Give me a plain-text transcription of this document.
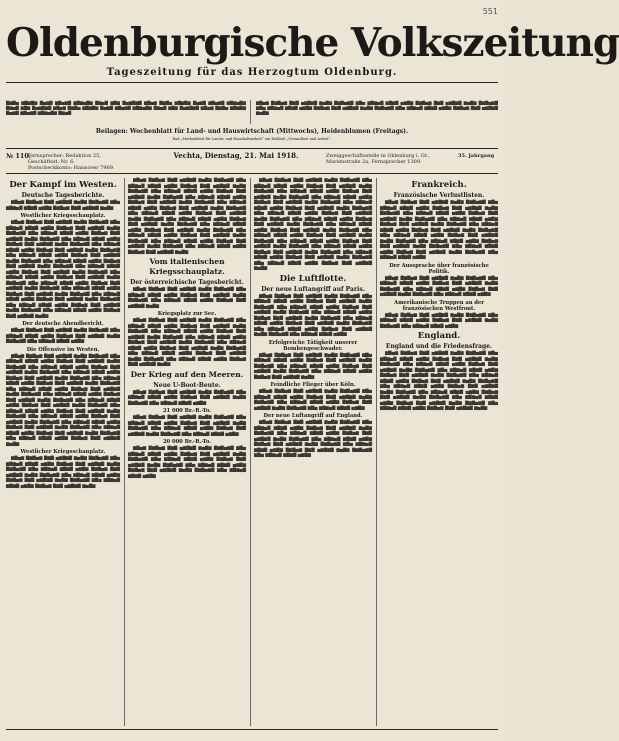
551
Oldenburgische Volkszeitung
Tageszeitung für das Herzogtum Oldenburg.
▇▆▇▅ ▆▇▆▇▆ ▇▅▆▇ ▆▇▅▆▇ ▆▇▆▅▇▆ ▇▆▅▇ ▆▇▆ ▇▅▆▇▆▇ ▆▇▅▆ ▇▆▇▅ ▆▇▆▇▆ ▇▅▆▇ ▆▇▅▆▇ ▆▇▆▅▇▆ ▇▆▅▇ ▆▇▆ ▇▅▆▇▆▇ ▆▇▅▆ ▇▆▇▅ ▆▇▆▇▆ ▇▅▆▇ ▆▇▅▆▇ ▆▇▆▅▇▆ ▇▆▅▇ ▆▇▆ ▇▅▆▇▆▇ ▆▇▅▆ ▇▆▇▅ ▆▇▆▇▆ ▇▅▆▇ ▆▇▅▆▇ ▆▇▆▅▇▆ ▇▆▅▇
▆▇▅▆ ▇▆▇▅▆ ▇▆▇ ▅▆▇▆▇ ▆▅▇▆ ▇▆▇▅▆▇ ▆▇▅ ▆▇▆▅▇ ▆▇▆▇ ▅▆▇▆ ▇▆▇▅▆ ▇▆▇ ▅▆▇▆▇ ▆▅▇▆ ▇▆▇▅▆▇ ▆▇▅ ▆▇▆▅▇ ▆▇▆▇ ▅▆▇▆ ▇▆▇▅▆ ▇▆▇ ▅▆▇▆▇ ▆▅▇▆ ▇▆▇▅▆▇ ▆▇▅ ▆▇▆▅▇ ▆▇▆▇ ▅▆▇▆ ▇▆▇▅▆ ▇▆▇ ▅▆▇▆▇ ▆▅▇▆
Beilagen: Wochenblatt für Land- und Hauswirtschaft (Mittwochs), Heidenblumen (Freitags).
Bad „Merkenblatt für Landw. und Haushaltsarbeit“ ein Beiblatt „Gesundheit und Arbeit“.
№ 110.
Fernsprecher: Redaktion 25, Geschäftsst. Nr. 6.
Postscheckkonto: Hannover 7969.
Vechta, Dienstag, 21. Mai 1918.	Zweiggeschäftsstelle in Oldenburg i. Gr., Marienstraße 2a, Fernsprecher 1309.
35. Jahrgang
Der Kampf im Westen.
Deutsche Tagesberichte.

▆▇▅▆ ▇▆▇▅▆ ▇▆▇ ▅▆▇▆▇ ▆▅▇▆ ▇▆▇▅▆▇ ▆▇▅ ▆▇▆▅▇ ▆▇▆▇ ▅▆▇▆ ▇▆▇▅▆ ▇▆▇ ▅▆▇▆▇ ▆▅▇▆

Westlicher Kriegsschauplatz.

▆▇▅▆ ▇▆▇▅▆ ▇▆▇ ▅▆▇▆▇ ▆▅▇▆ ▇▆▇▅▆▇ ▆▇▅ ▆▇▆▅▇ ▆▇▆▇ ▅▆▇▆ ▇▆▇▅▆ ▇▆▇ ▅▆▇▆▇ ▆▅▇▆ ▇▆▇▅▆▇ ▆▇▅ ▆▇▆▅▇ ▆▇▆▇ ▅▆▇▆ ▇▆▇▅▆ ▇▆▇ ▅▆▇▆▇ ▆▅▇▆ ▇▆▇▅▆▇ ▆▇▅ ▆▇▆▅▇ ▆▇▆▇ ▅▆▇▆ ▇▆▇▅▆ ▇▆▇ ▅▆▇▆▇ ▆▅▇▆ ▇▆▇▅▆▇ ▆▇▅ ▆▇▆▅▇ ▆▇▆▇ ▅▆▇▆ ▇▆▇▅▆ ▇▆▇ ▅▆▇▆▇ ▆▅▇▆ ▇▆▇▅▆▇ ▆▇▅ ▆▇▆▅▇ ▆▇▆▇ ▅▆▇▆ ▇▆▇▅▆ ▇▆▇ ▅▆▇▆▇ ▆▅▇▆ ▇▆▇▅▆▇ ▆▇▅ ▆▇▆▅▇ ▆▇▆▇ ▅▆▇▆ ▇▆▇▅▆ ▇▆▇ ▅▆▇▆▇ ▆▅▇▆ ▇▆▇▅▆▇ ▆▇▅ ▆▇▆▅▇ ▆▇▆▇ ▅▆▇▆ ▇▆▇▅▆ ▇▆▇ ▅▆▇▆▇ ▆▅▇▆ ▇▆▇▅▆▇ ▆▇▅ ▆▇▆▅▇ ▆▇▆▇ ▅▆▇▆ ▇▆▇▅▆ ▇▆▇ ▅▆▇▆▇ ▆▅▇▆ ▇▆▇▅▆▇ ▆▇▅ ▆▇▆▅▇ ▆▇▆▇ ▅▆▇▆ ▇▆▇▅▆ ▇▆▇ ▅▆▇▆▇ ▆▅▇▆ ▇▆▇▅▆▇ ▆▇▅ ▆▇▆▅▇ ▆▇▆▇ ▅▆▇▆ ▇▆▇▅▆ ▇▆▇ ▅▆▇▆▇ ▆▅▇▆ ▇▆▇▅▆▇ ▆▇▅ ▆▇▆▅▇ ▆▇▆▇ ▅▆▇▆ ▇▆▇▅▆ ▇▆▇ ▅▆▇▆▇ ▆▅▇▆ ▇▆▇▅▆▇ ▆▇▅ ▆▇▆▅▇ ▆▇▆▇ ▅▆▇▆ ▇▆▇▅▆ ▇▆▇ ▅▆▇▆▇ ▆▅▇▆ ▇▆▇▅▆▇ ▆▇▅ ▆▇▆▅▇ ▆▇▆▇ ▅▆▇▆ ▇▆▇▅▆ ▇▆▇ ▅▆▇▆▇ ▆▅▇▆

Der deutsche Abendbericht.

▆▇▅▆ ▇▆▇▅▆ ▇▆▇ ▅▆▇▆▇ ▆▅▇▆ ▇▆▇▅▆▇ ▆▇▅ ▆▇▆▅▇ ▆▇▆▇ ▅▆▇▆ ▇▆▇▅▆ ▇▆▇ ▅▆▇▆▇ ▆▅▇▆ ▇▆▇▅▆▇ ▆▇▅ ▆▇▆▅▇ ▆▇▆▇ ▅▆▇▆

Die Offensive im Westen.

▆▇▅▆ ▇▆▇▅▆ ▇▆▇ ▅▆▇▆▇ ▆▅▇▆ ▇▆▇▅▆▇ ▆▇▅ ▆▇▆▅▇ ▆▇▆▇ ▅▆▇▆ ▇▆▇▅▆ ▇▆▇ ▅▆▇▆▇ ▆▅▇▆ ▇▆▇▅▆▇ ▆▇▅ ▆▇▆▅▇ ▆▇▆▇ ▅▆▇▆ ▇▆▇▅▆ ▇▆▇ ▅▆▇▆▇ ▆▅▇▆ ▇▆▇▅▆▇ ▆▇▅ ▆▇▆▅▇ ▆▇▆▇ ▅▆▇▆ ▇▆▇▅▆ ▇▆▇ ▅▆▇▆▇ ▆▅▇▆ ▇▆▇▅▆▇ ▆▇▅ ▆▇▆▅▇ ▆▇▆▇ ▅▆▇▆ ▇▆▇▅▆ ▇▆▇ ▅▆▇▆▇ ▆▅▇▆ ▇▆▇▅▆▇ ▆▇▅ ▆▇▆▅▇ ▆▇▆▇ ▅▆▇▆ ▇▆▇▅▆ ▇▆▇ ▅▆▇▆▇ ▆▅▇▆ ▇▆▇▅▆▇ ▆▇▅ ▆▇▆▅▇ ▆▇▆▇ ▅▆▇▆ ▇▆▇▅▆ ▇▆▇ ▅▆▇▆▇ ▆▅▇▆ ▇▆▇▅▆▇ ▆▇▅ ▆▇▆▅▇ ▆▇▆▇ ▅▆▇▆ ▇▆▇▅▆ ▇▆▇ ▅▆▇▆▇ ▆▅▇▆ ▇▆▇▅▆▇ ▆▇▅ ▆▇▆▅▇ ▆▇▆▇ ▅▆▇▆ ▇▆▇▅▆ ▇▆▇ ▅▆▇▆▇ ▆▅▇▆ ▇▆▇▅▆▇ ▆▇▅ ▆▇▆▅▇ ▆▇▆▇ ▅▆▇▆ ▇▆▇▅▆ ▇▆▇ ▅▆▇▆▇ ▆▅▇▆ ▇▆▇▅▆▇ ▆▇▅ ▆▇▆▅▇ ▆▇▆▇ ▅▆▇▆ ▇▆▇▅▆ ▇▆▇ ▅▆▇▆▇ ▆▅▇▆ ▇▆▇▅▆▇ ▆▇▅ ▆▇▆▅▇ ▆▇▆▇ ▅▆▇▆ ▇▆▇▅▆ ▇▆▇ ▅▆▇▆▇ ▆▅▇▆ ▇▆▇▅▆▇ ▆▇▅ ▆▇▆▅▇ ▆▇▆▇ ▅▆▇▆ ▇▆▇▅▆ ▇▆▇ ▅▆▇▆▇ ▆▅▇▆

Westlicher Kriegsschauplatz.

▆▇▅▆ ▇▆▇▅▆ ▇▆▇ ▅▆▇▆▇ ▆▅▇▆ ▇▆▇▅▆▇ ▆▇▅ ▆▇▆▅▇ ▆▇▆▇ ▅▆▇▆ ▇▆▇▅▆ ▇▆▇ ▅▆▇▆▇ ▆▅▇▆ ▇▆▇▅▆▇ ▆▇▅ ▆▇▆▅▇ ▆▇▆▇ ▅▆▇▆ ▇▆▇▅▆ ▇▆▇ ▅▆▇▆▇ ▆▅▇▆ ▇▆▇▅▆▇ ▆▇▅ ▆▇▆▅▇ ▆▇▆▇ ▅▆▇▆ ▇▆▇▅▆ ▇▆▇ ▅▆▇▆▇ ▆▅▇▆ ▇▆▇▅▆▇ ▆▇▅ ▆▇▆▅▇ ▆▇▆▇ ▅▆▇▆ ▇▆▇▅▆ ▇▆▇ ▅▆▇▆▇ ▆▅▇▆

▆▇▅▆ ▇▆▇▅▆ ▇▆▇ ▅▆▇▆▇ ▆▅▇▆ ▇▆▇▅▆▇ ▆▇▅ ▆▇▆▅▇ ▆▇▆▇ ▅▆▇▆ ▇▆▇▅▆ ▇▆▇ ▅▆▇▆▇ ▆▅▇▆ ▇▆▇▅▆▇ ▆▇▅ ▆▇▆▅▇ ▆▇▆▇ ▅▆▇▆ ▇▆▇▅▆ ▇▆▇ ▅▆▇▆▇ ▆▅▇▆ ▇▆▇▅▆▇ ▆▇▅ ▆▇▆▅▇ ▆▇▆▇ ▅▆▇▆ ▇▆▇▅▆ ▇▆▇ ▅▆▇▆▇ ▆▅▇▆ ▇▆▇▅▆▇ ▆▇▅ ▆▇▆▅▇ ▆▇▆▇ ▅▆▇▆ ▇▆▇▅▆ ▇▆▇ ▅▆▇▆▇ ▆▅▇▆ ▇▆▇▅▆▇ ▆▇▅ ▆▇▆▅▇ ▆▇▆▇ ▅▆▇▆ ▇▆▇▅▆ ▇▆▇ ▅▆▇▆▇ ▆▅▇▆ ▇▆▇▅▆▇ ▆▇▅ ▆▇▆▅▇ ▆▇▆▇ ▅▆▇▆ ▇▆▇▅▆ ▇▆▇ ▅▆▇▆▇ ▆▅▇▆ ▇▆▇▅▆▇ ▆▇▅ ▆▇▆▅▇ ▆▇▆▇ ▅▆▇▆ ▇▆▇▅▆ ▇▆▇ ▅▆▇▆▇ ▆▅▇▆ ▇▆▇▅▆▇ ▆▇▅ ▆▇▆▅▇ ▆▇▆▇ ▅▆▇▆ ▇▆▇▅▆ ▇▆▇ ▅▆▇▆▇ ▆▅▇▆ ▇▆▇▅▆▇ ▆▇▅ ▆▇▆▅▇ ▆▇▆▇ ▅▆▇▆ ▇▆▇▅▆ ▇▆▇ ▅▆▇▆▇ ▆▅▇▆ ▇▆▇▅▆▇ ▆▇▅ ▆▇▆▅▇ ▆▇▆▇ ▅▆▇▆ ▇▆▇▅▆ ▇▆▇ ▅▆▇▆▇ ▆▅▇▆

Vom italienischen Kriegsschauplatz.
Der österreichische Tagesbericht.

▆▇▅▆ ▇▆▇▅▆ ▇▆▇ ▅▆▇▆▇ ▆▅▇▆ ▇▆▇▅▆▇ ▆▇▅ ▆▇▆▅▇ ▆▇▆▇ ▅▆▇▆ ▇▆▇▅▆ ▇▆▇ ▅▆▇▆▇ ▆▅▇▆ ▇▆▇▅▆▇ ▆▇▅ ▆▇▆▅▇ ▆▇▆▇ ▅▆▇▆ ▇▆▇▅▆ ▇▆▇ ▅▆▇▆▇ ▆▅▇▆

Kriegsplatz zur See.

▆▇▅▆ ▇▆▇▅▆ ▇▆▇ ▅▆▇▆▇ ▆▅▇▆ ▇▆▇▅▆▇ ▆▇▅ ▆▇▆▅▇ ▆▇▆▇ ▅▆▇▆ ▇▆▇▅▆ ▇▆▇ ▅▆▇▆▇ ▆▅▇▆ ▇▆▇▅▆▇ ▆▇▅ ▆▇▆▅▇ ▆▇▆▇ ▅▆▇▆ ▇▆▇▅▆ ▇▆▇ ▅▆▇▆▇ ▆▅▇▆ ▇▆▇▅▆▇ ▆▇▅ ▆▇▆▅▇ ▆▇▆▇ ▅▆▇▆ ▇▆▇▅▆ ▇▆▇ ▅▆▇▆▇ ▆▅▇▆ ▇▆▇▅▆▇ ▆▇▅ ▆▇▆▅▇ ▆▇▆▇ ▅▆▇▆ ▇▆▇▅▆ ▇▆▇ ▅▆▇▆▇ ▆▅▇▆ ▇▆▇▅▆▇ ▆▇▅ ▆▇▆▅▇ ▆▇▆▇ ▅▆▇▆ ▇▆▇▅▆ ▇▆▇ ▅▆▇▆▇ ▆▅▇▆ ▇▆▇▅▆▇ ▆▇▅ ▆▇▆▅▇ ▆▇▆▇ ▅▆▇▆ ▇▆▇▅▆ ▇▆▇ ▅▆▇▆▇ ▆▅▇▆

Der Krieg auf den Meeren.
Neue U-Boot-Beute.

▆▇▅▆ ▇▆▇▅▆ ▇▆▇ ▅▆▇▆▇ ▆▅▇▆ ▇▆▇▅▆▇ ▆▇▅ ▆▇▆▅▇ ▆▇▆▇ ▅▆▇▆ ▇▆▇▅▆ ▇▆▇ ▅▆▇▆▇ ▆▅▇▆ ▇▆▇▅▆▇ ▆▇▅ ▆▇▆▅▇ ▆▇▆▇ ▅▆▇▆

21 000 Br.-R.-To.

▆▇▅▆ ▇▆▇▅▆ ▇▆▇ ▅▆▇▆▇ ▆▅▇▆ ▇▆▇▅▆▇ ▆▇▅ ▆▇▆▅▇ ▆▇▆▇ ▅▆▇▆ ▇▆▇▅▆ ▇▆▇ ▅▆▇▆▇ ▆▅▇▆ ▇▆▇▅▆▇ ▆▇▅ ▆▇▆▅▇ ▆▇▆▇ ▅▆▇▆ ▇▆▇▅▆ ▇▆▇ ▅▆▇▆▇ ▆▅▇▆ ▇▆▇▅▆▇ ▆▇▅ ▆▇▆▅▇ ▆▇▆▇ ▅▆▇▆

20 000 Br.-R.-To.

▆▇▅▆ ▇▆▇▅▆ ▇▆▇ ▅▆▇▆▇ ▆▅▇▆ ▇▆▇▅▆▇ ▆▇▅ ▆▇▆▅▇ ▆▇▆▇ ▅▆▇▆ ▇▆▇▅▆ ▇▆▇ ▅▆▇▆▇ ▆▅▇▆ ▇▆▇▅▆▇ ▆▇▅ ▆▇▆▅▇ ▆▇▆▇ ▅▆▇▆ ▇▆▇▅▆ ▇▆▇ ▅▆▇▆▇ ▆▅▇▆ ▇▆▇▅▆▇ ▆▇▅ ▆▇▆▅▇ ▆▇▆▇ ▅▆▇▆ ▇▆▇▅▆ ▇▆▇ ▅▆▇▆▇ ▆▅▇▆ ▇▆▇▅▆▇ ▆▇▅ ▆▇▆▅▇ ▆▇▆▇ ▅▆▇▆

▆▇▅▆ ▇▆▇▅▆ ▇▆▇ ▅▆▇▆▇ ▆▅▇▆ ▇▆▇▅▆▇ ▆▇▅ ▆▇▆▅▇ ▆▇▆▇ ▅▆▇▆ ▇▆▇▅▆ ▇▆▇ ▅▆▇▆▇ ▆▅▇▆ ▇▆▇▅▆▇ ▆▇▅ ▆▇▆▅▇ ▆▇▆▇ ▅▆▇▆ ▇▆▇▅▆ ▇▆▇ ▅▆▇▆▇ ▆▅▇▆ ▇▆▇▅▆▇ ▆▇▅ ▆▇▆▅▇ ▆▇▆▇ ▅▆▇▆ ▇▆▇▅▆ ▇▆▇ ▅▆▇▆▇ ▆▅▇▆ ▇▆▇▅▆▇ ▆▇▅ ▆▇▆▅▇ ▆▇▆▇ ▅▆▇▆ ▇▆▇▅▆ ▇▆▇ ▅▆▇▆▇ ▆▅▇▆ ▇▆▇▅▆▇ ▆▇▅ ▆▇▆▅▇ ▆▇▆▇ ▅▆▇▆ ▇▆▇▅▆ ▇▆▇ ▅▆▇▆▇ ▆▅▇▆ ▇▆▇▅▆▇ ▆▇▅ ▆▇▆▅▇ ▆▇▆▇ ▅▆▇▆ ▇▆▇▅▆ ▇▆▇ ▅▆▇▆▇ ▆▅▇▆ ▇▆▇▅▆▇ ▆▇▅ ▆▇▆▅▇ ▆▇▆▇ ▅▆▇▆ ▇▆▇▅▆ ▇▆▇ ▅▆▇▆▇ ▆▅▇▆ ▇▆▇▅▆▇ ▆▇▅ ▆▇▆▅▇ ▆▇▆▇ ▅▆▇▆ ▇▆▇▅▆ ▇▆▇ ▅▆▇▆▇ ▆▅▇▆ ▇▆▇▅▆▇ ▆▇▅ ▆▇▆▅▇ ▆▇▆▇ ▅▆▇▆ ▇▆▇▅▆ ▇▆▇ ▅▆▇▆▇ ▆▅▇▆ ▇▆▇▅▆▇ ▆▇▅ ▆▇▆▅▇ ▆▇▆▇ ▅▆▇▆ ▇▆▇▅▆ ▇▆▇ ▅▆▇▆▇ ▆▅▇▆ ▇▆▇▅▆▇ ▆▇▅ ▆▇▆▅▇ ▆▇▆▇ ▅▆▇▆ ▇▆▇▅▆ ▇▆▇ ▅▆▇▆▇ ▆▅▇▆ ▇▆▇▅▆▇ ▆▇▅ ▆▇▆▅▇ ▆▇▆▇ ▅▆▇▆ ▇▆▇▅▆ ▇▆▇ ▅▆▇▆▇ ▆▅▇▆

Die Luftflotte.
Der neue Luftangriff auf Paris.

▆▇▅▆ ▇▆▇▅▆ ▇▆▇ ▅▆▇▆▇ ▆▅▇▆ ▇▆▇▅▆▇ ▆▇▅ ▆▇▆▅▇ ▆▇▆▇ ▅▆▇▆ ▇▆▇▅▆ ▇▆▇ ▅▆▇▆▇ ▆▅▇▆ ▇▆▇▅▆▇ ▆▇▅ ▆▇▆▅▇ ▆▇▆▇ ▅▆▇▆ ▇▆▇▅▆ ▇▆▇ ▅▆▇▆▇ ▆▅▇▆ ▇▆▇▅▆▇ ▆▇▅ ▆▇▆▅▇ ▆▇▆▇ ▅▆▇▆ ▇▆▇▅▆ ▇▆▇ ▅▆▇▆▇ ▆▅▇▆ ▇▆▇▅▆▇ ▆▇▅ ▆▇▆▅▇ ▆▇▆▇ ▅▆▇▆ ▇▆▇▅▆ ▇▆▇ ▅▆▇▆▇ ▆▅▇▆ ▇▆▇▅▆▇ ▆▇▅ ▆▇▆▅▇ ▆▇▆▇ ▅▆▇▆ ▇▆▇▅▆ ▇▆▇ ▅▆▇▆▇ ▆▅▇▆ ▇▆▇▅▆▇ ▆▇▅ ▆▇▆▅▇ ▆▇▆▇ ▅▆▇▆

Erfolgreiche Tätigkeit unserer Bombengeschwader.

▆▇▅▆ ▇▆▇▅▆ ▇▆▇ ▅▆▇▆▇ ▆▅▇▆ ▇▆▇▅▆▇ ▆▇▅ ▆▇▆▅▇ ▆▇▆▇ ▅▆▇▆ ▇▆▇▅▆ ▇▆▇ ▅▆▇▆▇ ▆▅▇▆ ▇▆▇▅▆▇ ▆▇▅ ▆▇▆▅▇ ▆▇▆▇ ▅▆▇▆ ▇▆▇▅▆ ▇▆▇ ▅▆▇▆▇ ▆▅▇▆ ▇▆▇▅▆▇ ▆▇▅ ▆▇▆▅▇ ▆▇▆▇ ▅▆▇▆ ▇▆▇▅▆ ▇▆▇ ▅▆▇▆▇ ▆▅▇▆

Feindliche Flieger über Köln.

▆▇▅▆ ▇▆▇▅▆ ▇▆▇ ▅▆▇▆▇ ▆▅▇▆ ▇▆▇▅▆▇ ▆▇▅ ▆▇▆▅▇ ▆▇▆▇ ▅▆▇▆ ▇▆▇▅▆ ▇▆▇ ▅▆▇▆▇ ▆▅▇▆ ▇▆▇▅▆▇ ▆▇▅ ▆▇▆▅▇ ▆▇▆▇ ▅▆▇▆ ▇▆▇▅▆ ▇▆▇ ▅▆▇▆▇ ▆▅▇▆ ▇▆▇▅▆▇ ▆▇▅ ▆▇▆▅▇ ▆▇▆▇ ▅▆▇▆

Der neue Luftangriff auf England.

▆▇▅▆ ▇▆▇▅▆ ▇▆▇ ▅▆▇▆▇ ▆▅▇▆ ▇▆▇▅▆▇ ▆▇▅ ▆▇▆▅▇ ▆▇▆▇ ▅▆▇▆ ▇▆▇▅▆ ▇▆▇ ▅▆▇▆▇ ▆▅▇▆ ▇▆▇▅▆▇ ▆▇▅ ▆▇▆▅▇ ▆▇▆▇ ▅▆▇▆ ▇▆▇▅▆ ▇▆▇ ▅▆▇▆▇ ▆▅▇▆ ▇▆▇▅▆▇ ▆▇▅ ▆▇▆▅▇ ▆▇▆▇ ▅▆▇▆ ▇▆▇▅▆ ▇▆▇ ▅▆▇▆▇ ▆▅▇▆ ▇▆▇▅▆▇ ▆▇▅ ▆▇▆▅▇ ▆▇▆▇ ▅▆▇▆ ▇▆▇▅▆ ▇▆▇ ▅▆▇▆▇ ▆▅▇▆ ▇▆▇▅▆▇ ▆▇▅ ▆▇▆▅▇ ▆▇▆▇ ▅▆▇▆

Frankreich.
Französische Verlustlisten.

▆▇▅▆ ▇▆▇▅▆ ▇▆▇ ▅▆▇▆▇ ▆▅▇▆ ▇▆▇▅▆▇ ▆▇▅ ▆▇▆▅▇ ▆▇▆▇ ▅▆▇▆ ▇▆▇▅▆ ▇▆▇ ▅▆▇▆▇ ▆▅▇▆ ▇▆▇▅▆▇ ▆▇▅ ▆▇▆▅▇ ▆▇▆▇ ▅▆▇▆ ▇▆▇▅▆ ▇▆▇ ▅▆▇▆▇ ▆▅▇▆ ▇▆▇▅▆▇ ▆▇▅ ▆▇▆▅▇ ▆▇▆▇ ▅▆▇▆ ▇▆▇▅▆ ▇▆▇ ▅▆▇▆▇ ▆▅▇▆ ▇▆▇▅▆▇ ▆▇▅ ▆▇▆▅▇ ▆▇▆▇ ▅▆▇▆ ▇▆▇▅▆ ▇▆▇ ▅▆▇▆▇ ▆▅▇▆ ▇▆▇▅▆▇ ▆▇▅ ▆▇▆▅▇ ▆▇▆▇ ▅▆▇▆ ▇▆▇▅▆ ▇▆▇ ▅▆▇▆▇ ▆▅▇▆ ▇▆▇▅▆▇ ▆▇▅ ▆▇▆▅▇ ▆▇▆▇ ▅▆▇▆ ▇▆▇▅▆ ▇▆▇ ▅▆▇▆▇ ▆▅▇▆ ▇▆▇▅▆▇ ▆▇▅ ▆▇▆▅▇ ▆▇▆▇ ▅▆▇▆ ▇▆▇▅▆ ▇▆▇ ▅▆▇▆▇ ▆▅▇▆ ▇▆▇▅▆▇ ▆▇▅ ▆▇▆▅▇ ▆▇▆▇ ▅▆▇▆

Der Aussprache über französische Politik.

▆▇▅▆ ▇▆▇▅▆ ▇▆▇ ▅▆▇▆▇ ▆▅▇▆ ▇▆▇▅▆▇ ▆▇▅ ▆▇▆▅▇ ▆▇▆▇ ▅▆▇▆ ▇▆▇▅▆ ▇▆▇ ▅▆▇▆▇ ▆▅▇▆ ▇▆▇▅▆▇ ▆▇▅ ▆▇▆▅▇ ▆▇▆▇ ▅▆▇▆ ▇▆▇▅▆ ▇▆▇ ▅▆▇▆▇ ▆▅▇▆ ▇▆▇▅▆▇ ▆▇▅ ▆▇▆▅▇ ▆▇▆▇ ▅▆▇▆

Amerikanische Truppen an der französischen Westfront.

▆▇▅▆ ▇▆▇▅▆ ▇▆▇ ▅▆▇▆▇ ▆▅▇▆ ▇▆▇▅▆▇ ▆▇▅ ▆▇▆▅▇ ▆▇▆▇ ▅▆▇▆ ▇▆▇▅▆ ▇▆▇ ▅▆▇▆▇ ▆▅▇▆ ▇▆▇▅▆▇ ▆▇▅ ▆▇▆▅▇ ▆▇▆▇ ▅▆▇▆

England.
England und die Friedensfrage.

▆▇▅▆ ▇▆▇▅▆ ▇▆▇ ▅▆▇▆▇ ▆▅▇▆ ▇▆▇▅▆▇ ▆▇▅ ▆▇▆▅▇ ▆▇▆▇ ▅▆▇▆ ▇▆▇▅▆ ▇▆▇ ▅▆▇▆▇ ▆▅▇▆ ▇▆▇▅▆▇ ▆▇▅ ▆▇▆▅▇ ▆▇▆▇ ▅▆▇▆ ▇▆▇▅▆ ▇▆▇ ▅▆▇▆▇ ▆▅▇▆ ▇▆▇▅▆▇ ▆▇▅ ▆▇▆▅▇ ▆▇▆▇ ▅▆▇▆ ▇▆▇▅▆ ▇▆▇ ▅▆▇▆▇ ▆▅▇▆ ▇▆▇▅▆▇ ▆▇▅ ▆▇▆▅▇ ▆▇▆▇ ▅▆▇▆ ▇▆▇▅▆ ▇▆▇ ▅▆▇▆▇ ▆▅▇▆ ▇▆▇▅▆▇ ▆▇▅ ▆▇▆▅▇ ▆▇▆▇ ▅▆▇▆ ▇▆▇▅▆ ▇▆▇ ▅▆▇▆▇ ▆▅▇▆ ▇▆▇▅▆▇ ▆▇▅ ▆▇▆▅▇ ▆▇▆▇ ▅▆▇▆ ▇▆▇▅▆ ▇▆▇ ▅▆▇▆▇ ▆▅▇▆ ▇▆▇▅▆▇ ▆▇▅ ▆▇▆▅▇ ▆▇▆▇ ▅▆▇▆ ▇▆▇▅▆ ▇▆▇ ▅▆▇▆▇ ▆▅▇▆ ▇▆▇▅▆▇ ▆▇▅ ▆▇▆▅▇ ▆▇▆▇ ▅▆▇▆ ▇▆▇▅▆ ▇▆▇ ▅▆▇▆▇ ▆▅▇▆
